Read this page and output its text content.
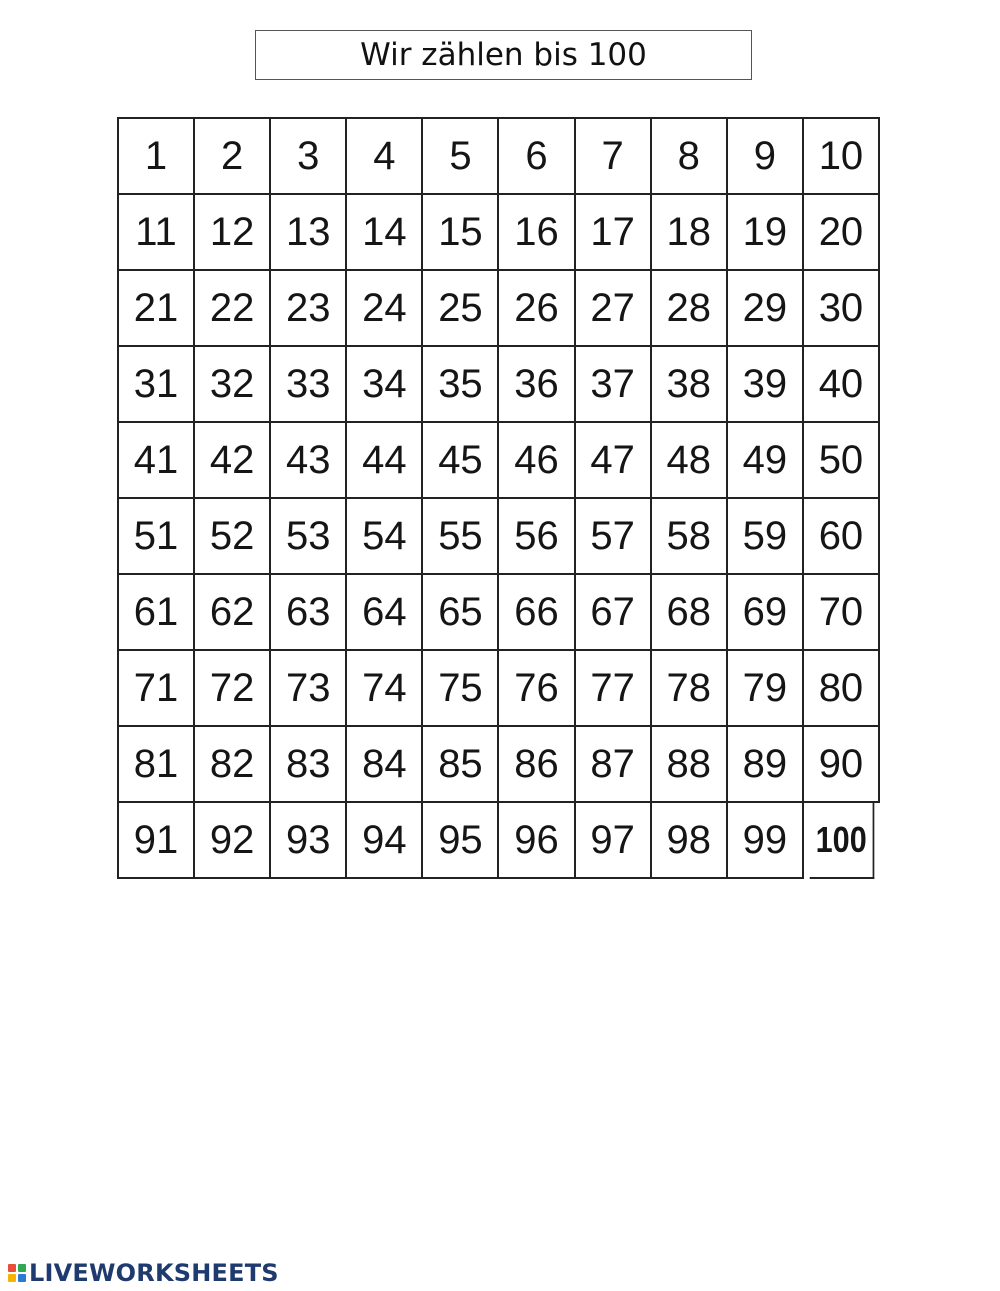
Wir zählen bis 100
1	2	3	4	5	6	7	8	9	10
11 12 13 14 15 16 17 18 19 20
21 22 23 24 25 26 27 28 29 30
31 32 33 34 35 36 37 38 39 40
41 42 43 44 45 46 47 48 49 50
51 52 53 54 55 56 57 58 59 60
61 62 63 64 65 66 67 68 69 70
71 72 73 74 75 76 77 78 79 80
81 82 83 84 85 86 87 88 89 90
91 92 93 94 95 96 97 98 99 100
LIVEWORKSHEETS
